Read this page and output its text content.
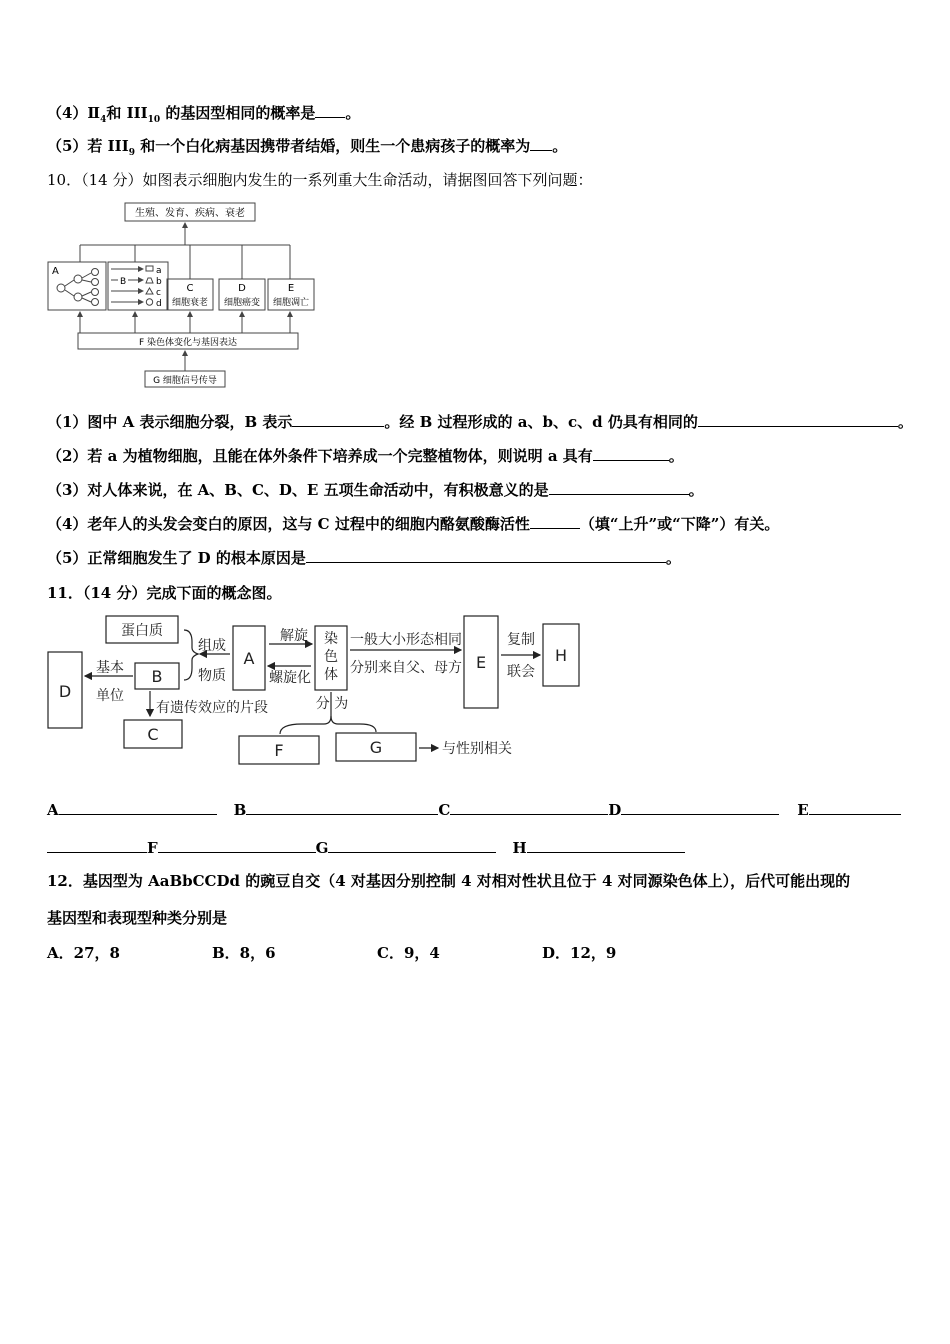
$(4)Ⅱ_4$和 $III_{10}$ 的基因型相同的概率是 。
（5）若 $III_9$ 和一个白化病基因携带者结婚，则生一个患病孩子的概率为 。
10．（14 分）如图表示细胞内发生的一系列重大生命活动，请据图回答下列问题：
生殖、发育、疾病、衰老
A
B
a
b
c
d
C
细胞衰老
D
细胞癌变
E
细胞凋亡
F 染色体变化与基因表达
G 细胞信号传导
（1）图中 A 表示细胞分裂，B 表示	。经 B 过程形成的 a、b、c、d 仍具有相同的	。
（2）若 a 为植物细胞，且能在体外条件下培养成一个完整植物体，则说明 a 具有	。
（3）对人体来说，在 A、B、C、D、E 五项生命活动中，有积极意义的是	。
（4）老年人的头发会变白的原因，这与 C 过程中的细胞内酪氨酸酶活性	（填“上升”或“下降”）有关。
（5）正常细胞发生了 D 的根本原因是	。
11．（14 分）完成下面的概念图。
蛋白质
组成
物质
解旋
螺旋化
染
色
体
一般大小形态相同
分别来自父、母方
复制
联会
基本
单位
有遗传效应的片段	分 为
与性别相关
D
B
A	E	H
C
F	G
A	B	C	D	E
F	G	H
12．基因型为 AaBbCCDd 的豌豆自交（4 对基因分别控制 4 对相对性状且位于 4 对同源染色体上），后代可能出现的
基因型和表现型种类分别是
A．27，8	B．8，6	C．9，4	D．12，9
